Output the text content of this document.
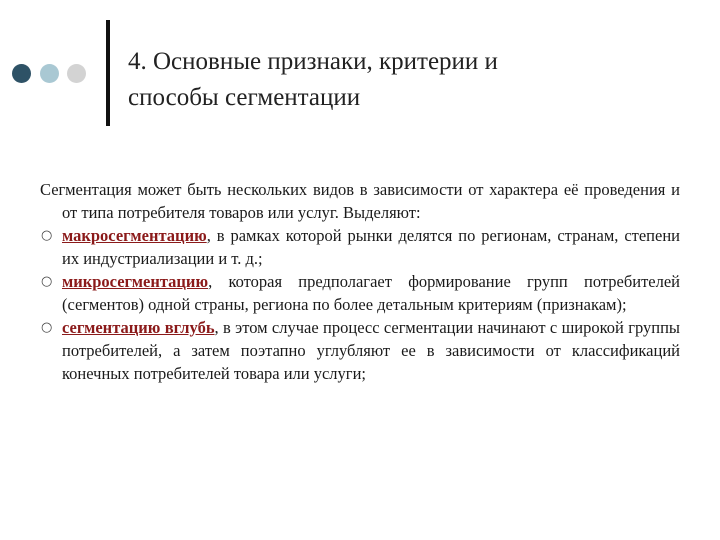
4. Основные признаки, критерии и
способы сегментации
Сегментация может быть нескольких видов в зависимости от характера её проведения и от типа потребителя товаров или услуг. Выделяют:
○ макросегментацию, в рамках которой рынки делятся по регионам, странам, степени их индустриализации и т. д.;
○ микросегментацию, которая предполагает формирование групп потребителей (сегментов) одной страны, региона по более детальным критериям (признакам);
○ сегментацию вглубь, в этом случае процесс сегментации начинают с широкой группы потребителей, а затем поэтапно углубляют ее в зависимости от классификаций конечных потребителей товара или услуги;
